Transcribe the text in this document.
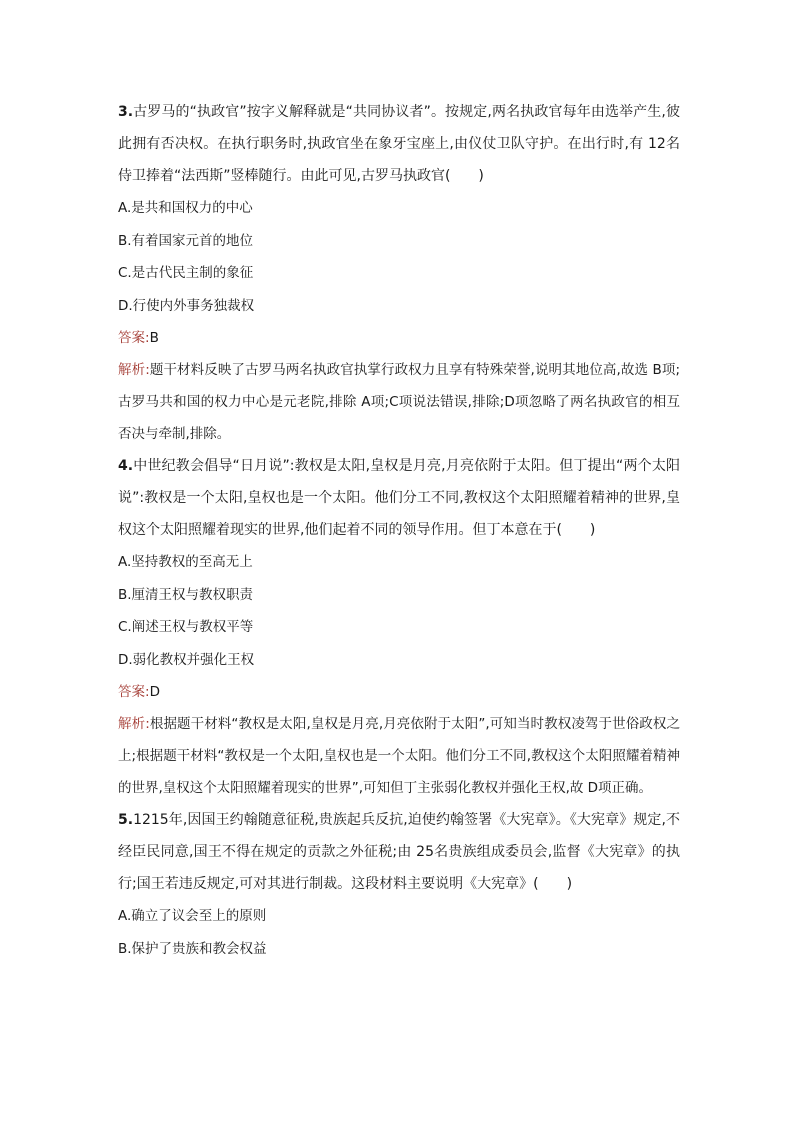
3.古罗马的“执政官”按字义解释就是“共同协议者”。按规定,两名执政官每年由选举产生,彼此拥有否决权。在执行职务时,执政官坐在象牙宝座上,由仪仗卫队守护。在出行时,有 12名侍卫捧着“法西斯”竖棒随行。由此可见,古罗马执政官(　　)

A.是共和国权力的中心

B.有着国家元首的地位

C.是古代民主制的象征

D.行使内外事务独裁权

答案:B

解析:题干材料反映了古罗马两名执政官执掌行政权力且享有特殊荣誉,说明其地位高,故选 B项;古罗马共和国的权力中心是元老院,排除 A项;C项说法错误,排除;D项忽略了两名执政官的相互否决与牵制,排除。

4.中世纪教会倡导“日月说”:教权是太阳,皇权是月亮,月亮依附于太阳。但丁提出“两个太阳说”:教权是一个太阳,皇权也是一个太阳。他们分工不同,教权这个太阳照耀着精神的世界,皇权这个太阳照耀着现实的世界,他们起着不同的领导作用。但丁本意在于(　　)

A.坚持教权的至高无上

B.厘清王权与教权职责

C.阐述王权与教权平等

D.弱化教权并强化王权

答案:D

解析:根据题干材料“教权是太阳,皇权是月亮,月亮依附于太阳”,可知当时教权凌驾于世俗政权之上;根据题干材料“教权是一个太阳,皇权也是一个太阳。他们分工不同,教权这个太阳照耀着精神的世界,皇权这个太阳照耀着现实的世界”,可知但丁主张弱化教权并强化王权,故 D项正确。

5.1215年,因国王约翰随意征税,贵族起兵反抗,迫使约翰签署《大宪章》。《大宪章》规定,不经臣民同意,国王不得在规定的贡款之外征税;由 25名贵族组成委员会,监督《大宪章》的执行;国王若违反规定,可对其进行制裁。这段材料主要说明《大宪章》(　　)

A.确立了议会至上的原则

B.保护了贵族和教会权益
